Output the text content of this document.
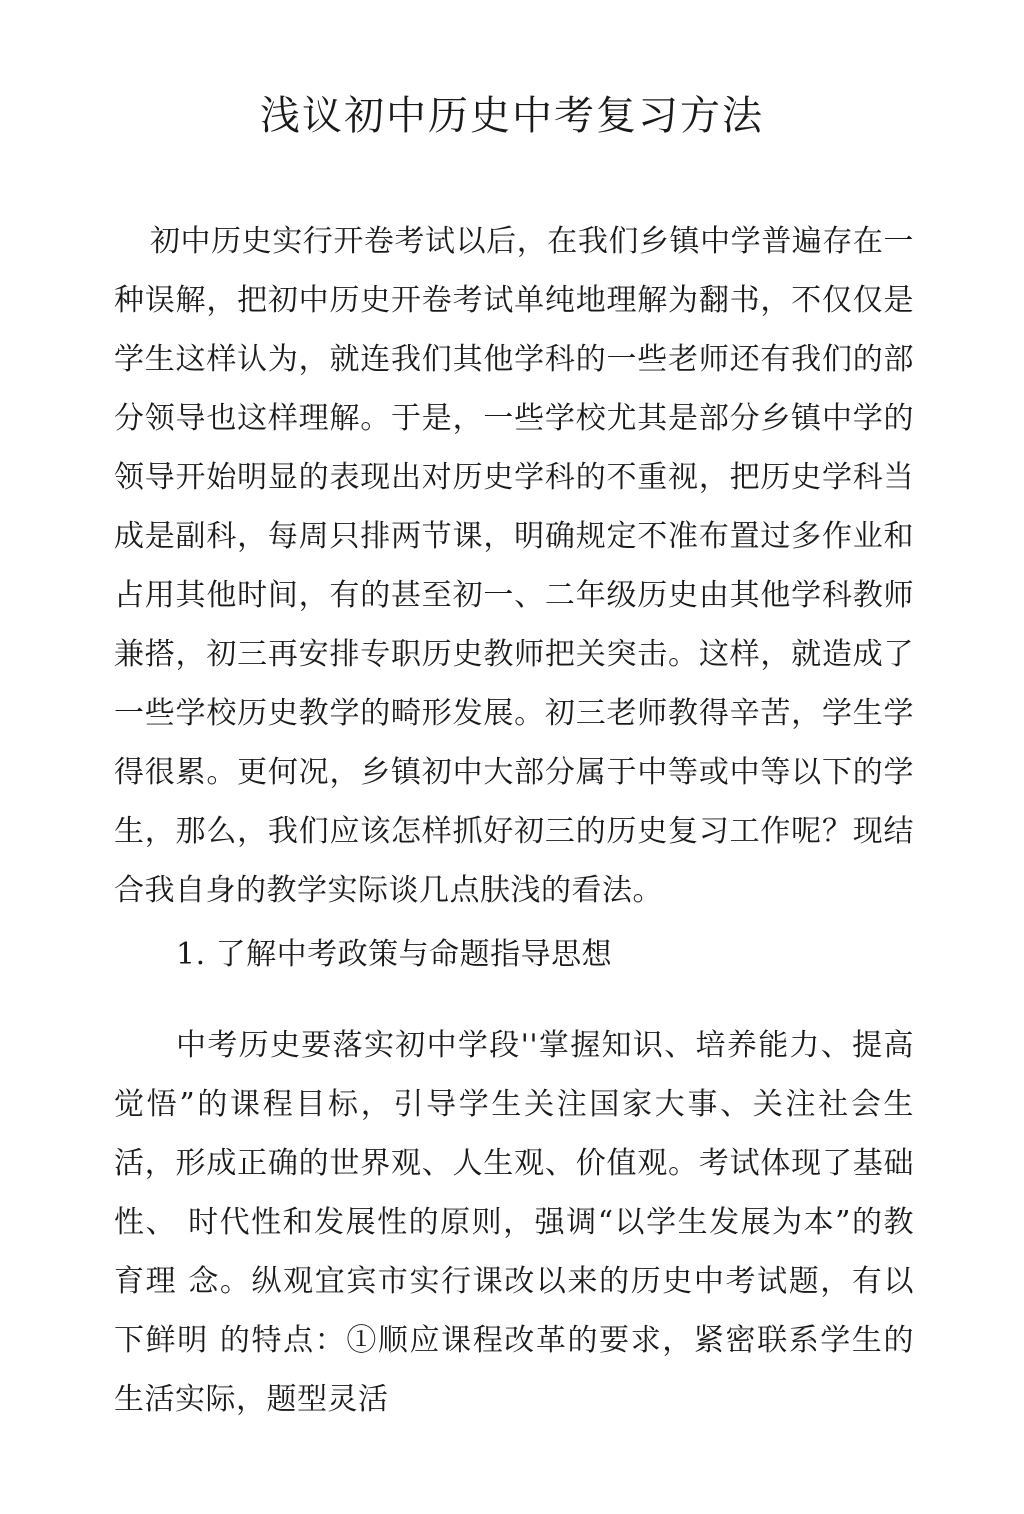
浅议初中历史中考复习方法

初中历史实行开卷考试以后，在我们乡镇中学普遍存在一种误解，把初中历史开卷考试单纯地理解为翻书，不仅仅是 学生这样认为，就连我们其他学科的一些老师还有我们的部 分领导也这样理解。于是，一些学校尤其是部分乡镇中学的 领导开始明显的表现出对历史学科的不重视，把历史学科当 成是副科，每周只排两节课，明确规定不准布置过多作业和 占用其他时间，有的甚至初一、二年级历史由其他学科教师 兼搭，初三再安排专职历史教师把关突击。这样，就造成了 一些学校历史教学的畸形发展。初三老师教得辛苦，学生学 得很累。更何况，乡镇初中大部分属于中等或中等以下的学 生，那么，我们应该怎样抓好初三的历史复习工作呢？现结 合我自身的教学实际谈几点肤浅的看法。

1. 了解中考政策与命题指导思想

中考历史要落实初中学段''掌握知识、培养能力、提高觉悟”的课程目标，引导学生关注国家大事、关注社会生活，形成正确的世界观、人生观、价值观。考试体现了基础性、 时代性和发展性的原则，强调“以学生发展为本”的教育理 念。纵观宜宾市实行课改以来的历史中考试题，有以下鲜明 的特点：①顺应课程改革的要求，紧密联系学生的生活实际，题型灵活
